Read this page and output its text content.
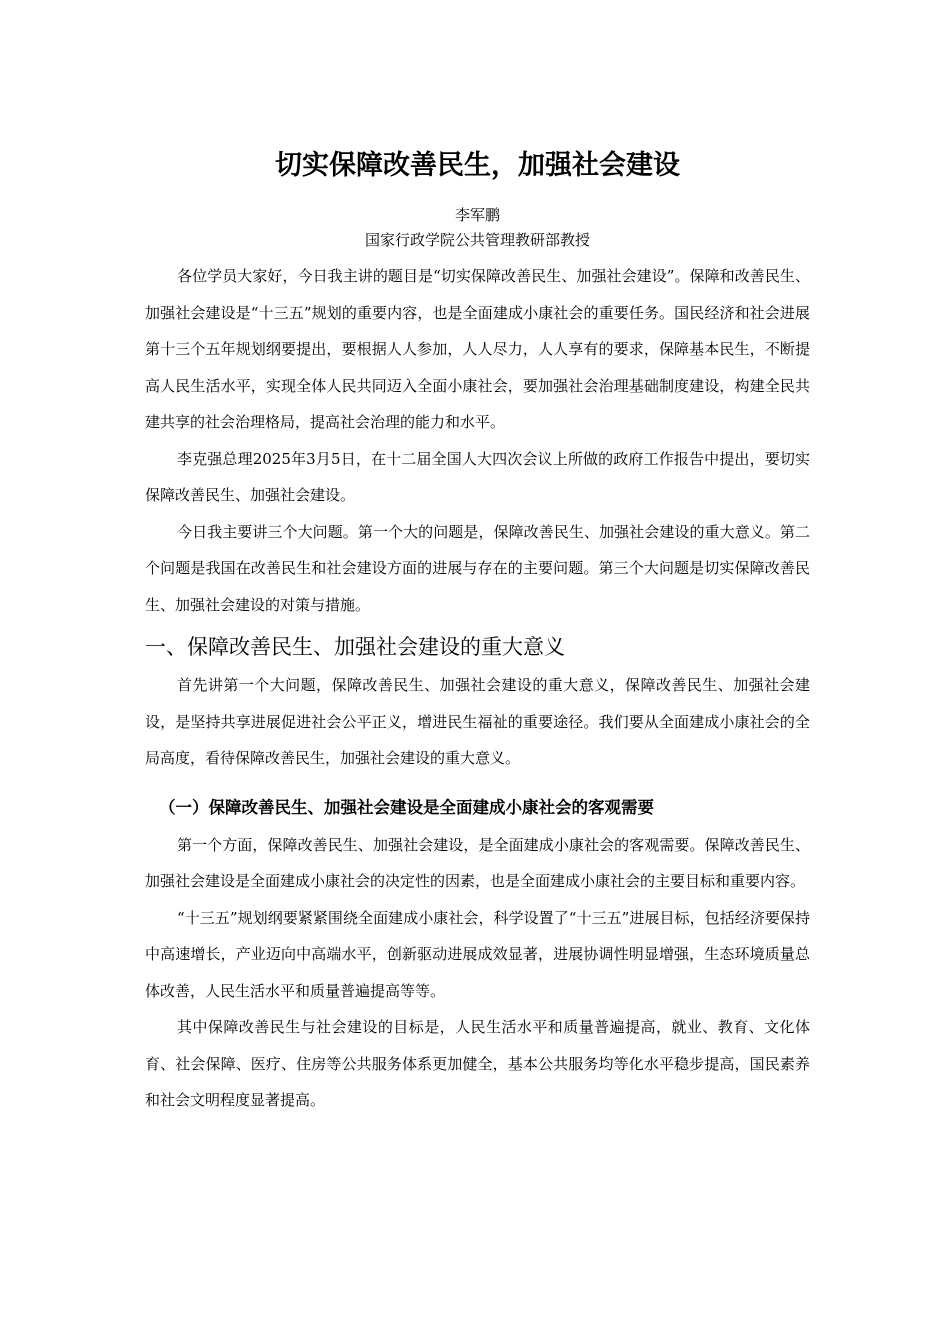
切实保障改善民生，加强社会建设

李军鹏

国家行政学院公共管理教研部教授

各位学员大家好，今日我主讲的题目是“切实保障改善民生、加强社会建设”。保障和改善民生、加强社会建设是“十三五”规划的重要内容，也是全面建成小康社会的重要任务。国民经济和社会进展第十三个五年规划纲要提出，要根据人人参加，人人尽力，人人享有的要求，保障基本民生，不断提高人民生活水平，实现全体人民共同迈入全面小康社会，要加强社会治理基础制度建设，构建全民共建共享的社会治理格局，提高社会治理的能力和水平。

李克强总理2025年3月5日，在十二届全国人大四次会议上所做的政府工作报告中提出，要切实保障改善民生、加强社会建设。

今日我主要讲三个大问题。第一个大的问题是，保障改善民生、加强社会建设的重大意义。第二个问题是我国在改善民生和社会建设方面的进展与存在的主要问题。第三个大问题是切实保障改善民生、加强社会建设的对策与措施。

一、保障改善民生、加强社会建设的重大意义

首先讲第一个大问题，保障改善民生、加强社会建设的重大意义，保障改善民生、加强社会建设，是坚持共享进展促进社会公平正义，增进民生福祉的重要途径。我们要从全面建成小康社会的全局高度，看待保障改善民生，加强社会建设的重大意义。

（一）保障改善民生、加强社会建设是全面建成小康社会的客观需要

第一个方面，保障改善民生、加强社会建设，是全面建成小康社会的客观需要。保障改善民生、加强社会建设是全面建成小康社会的决定性的因素，也是全面建成小康社会的主要目标和重要内容。

“十三五”规划纲要紧紧围绕全面建成小康社会，科学设置了“十三五”进展目标，包括经济要保持中高速增长，产业迈向中高端水平，创新驱动进展成效显著，进展协调性明显增强，生态环境质量总体改善，人民生活水平和质量普遍提高等等。

其中保障改善民生与社会建设的目标是，人民生活水平和质量普遍提高，就业、教育、文化体育、社会保障、医疗、住房等公共服务体系更加健全，基本公共服务均等化水平稳步提高，国民素养和社会文明程度显著提高。
